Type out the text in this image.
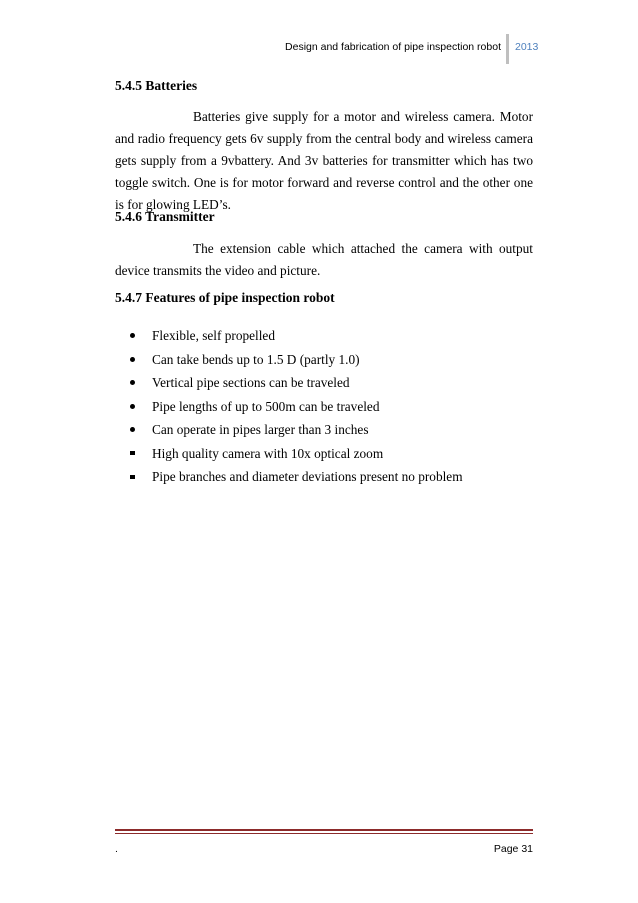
Design and fabrication of pipe inspection robot 2013
5.4.5 Batteries

Batteries give supply for a motor and wireless camera. Motor and radio frequency gets 6v supply from the central body and wireless camera gets supply from a 9vbattery. And 3v batteries for transmitter which has two toggle switch. One is for motor forward and reverse control and the other one is for glowing LED’s.

5.4.6 Transmitter

The extension cable which attached the camera with output device transmits the video and picture.

5.4.7 Features of pipe inspection robot
Flexible, self propelled
Can take bends up to 1.5 D (partly 1.0)
Vertical pipe sections can be traveled
Pipe lengths of up to 500m can be traveled
Can operate in pipes larger than 3 inches
High quality camera with 10x optical zoom
Pipe branches and diameter deviations present no problem
.	Page 31
